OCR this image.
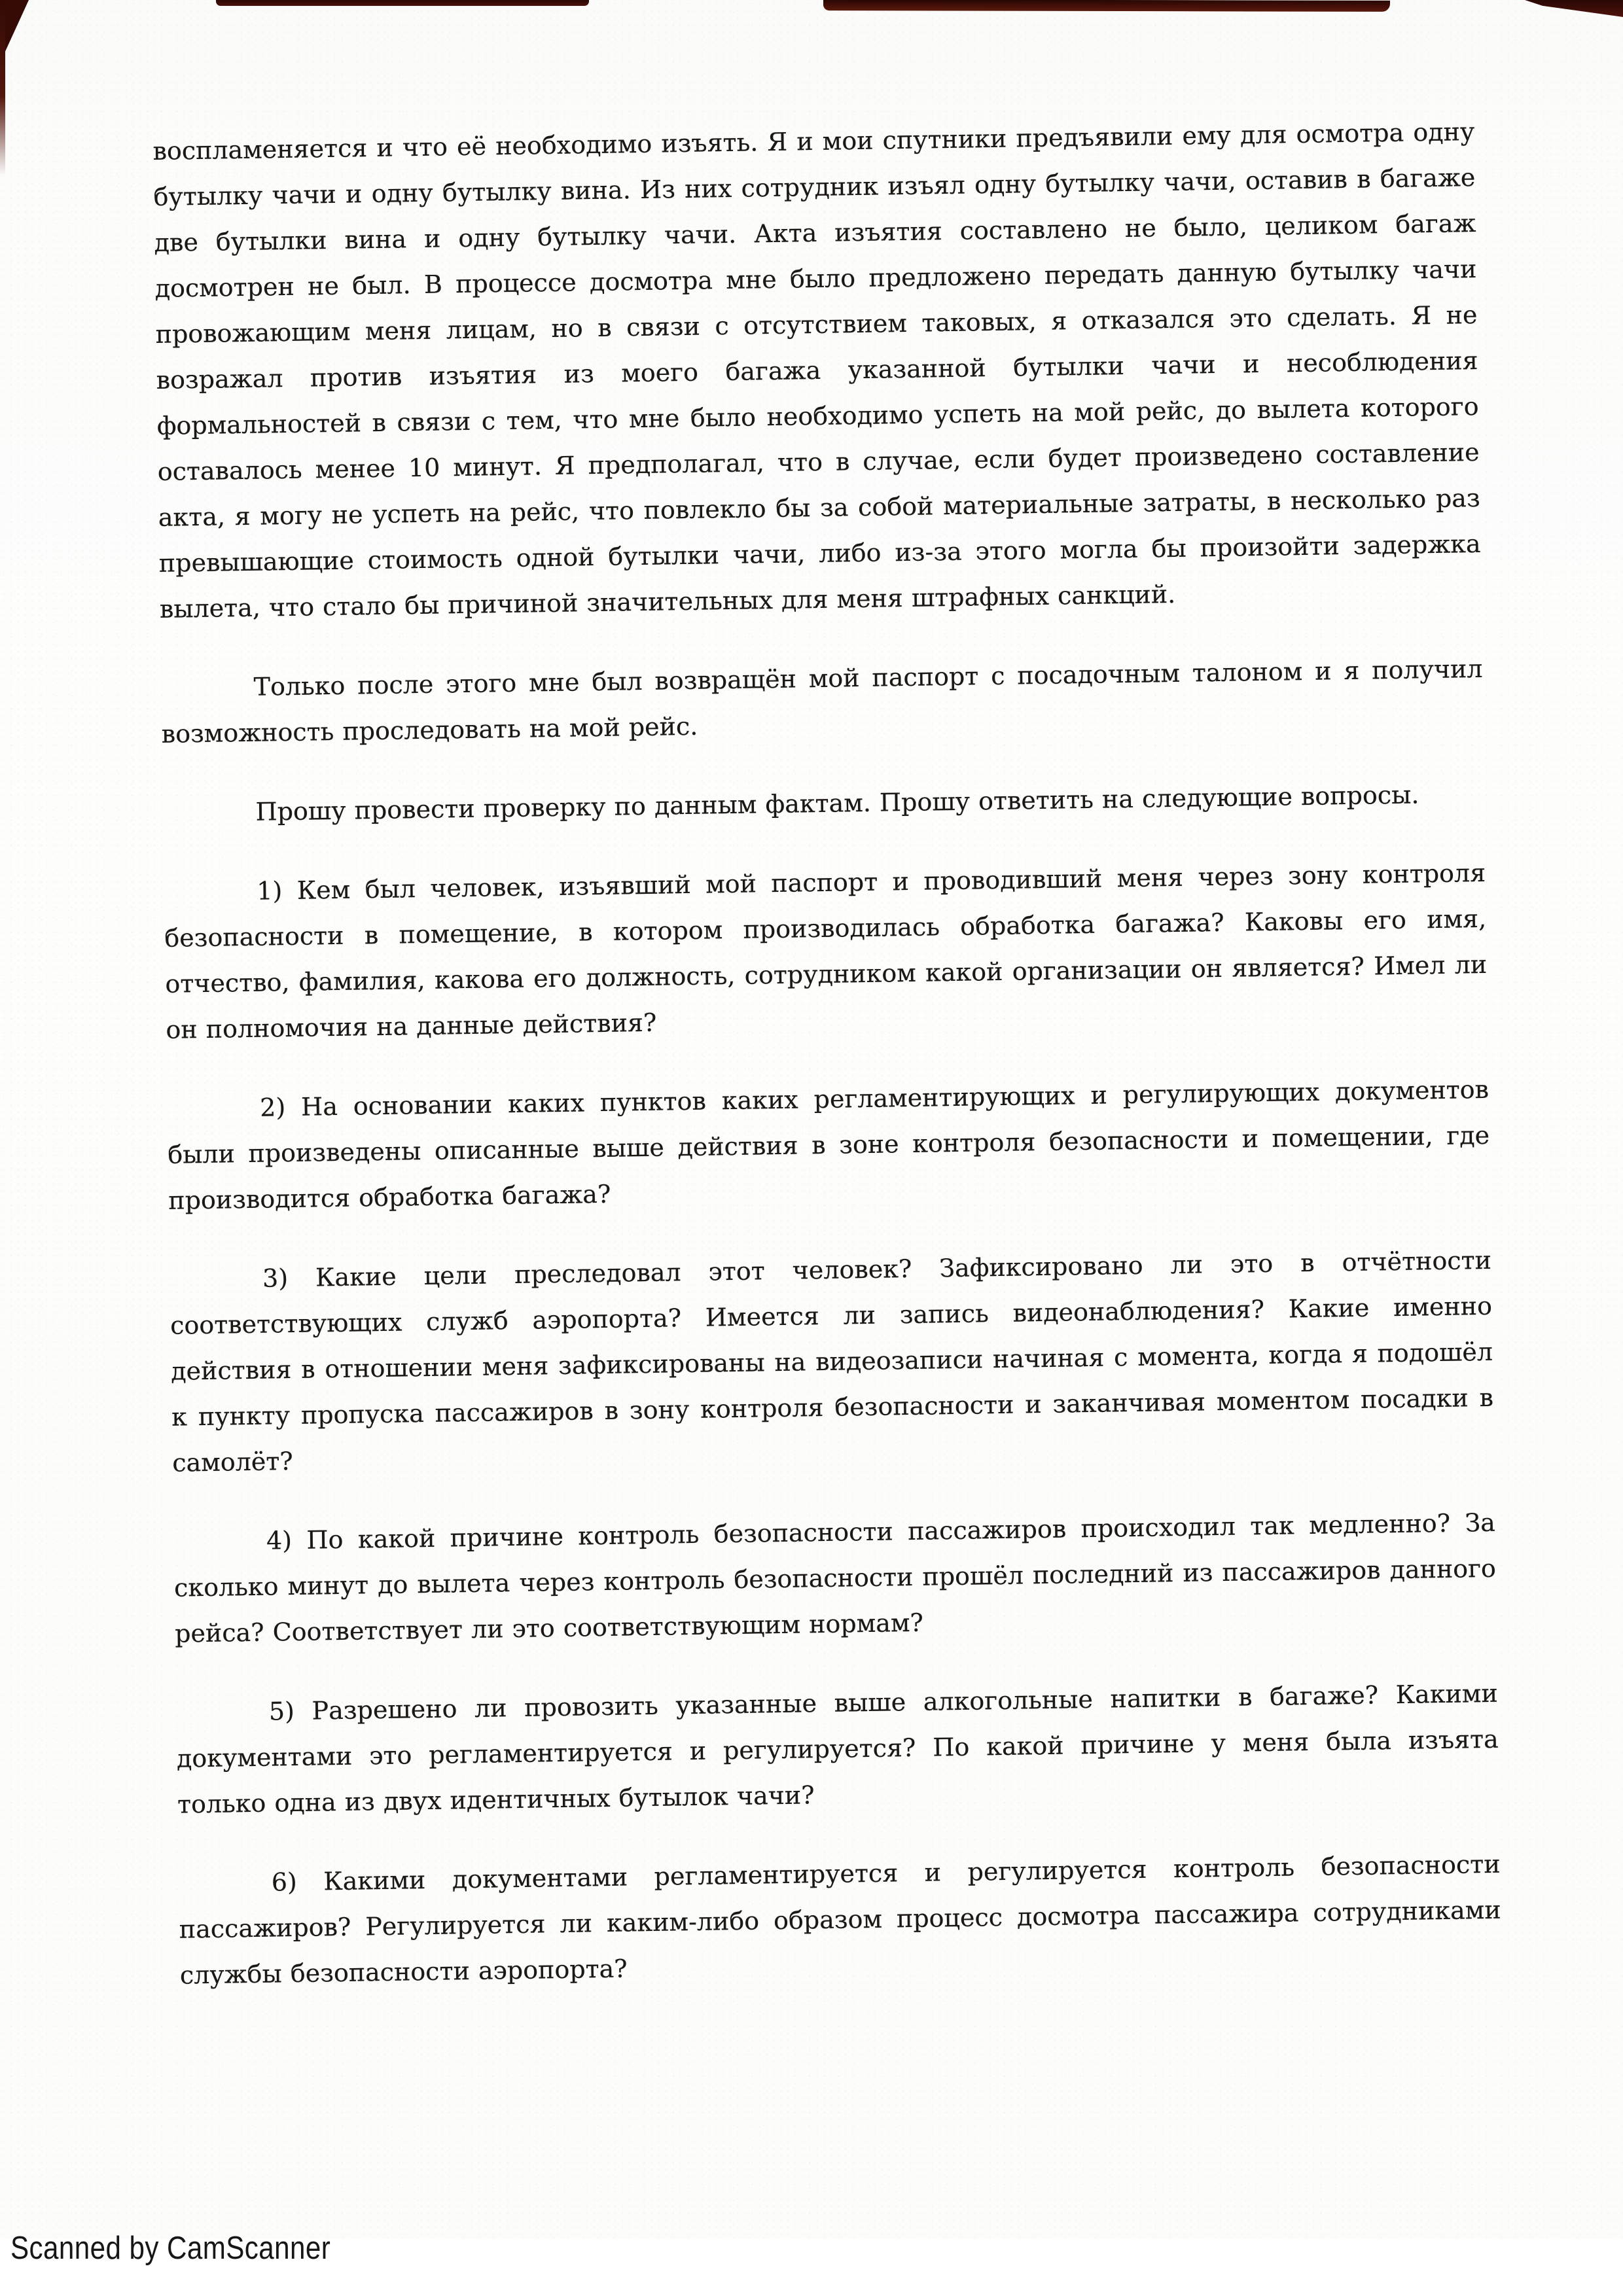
воспламеняется и что её необходимо изъять. Я и мои спутники предъявили ему для осмотра одну бутылку чачи и одну бутылку вина. Из них сотрудник изъял одну бутылку чачи, оставив в багаже две бутылки вина и одну бутылку чачи. Акта изъятия составлено не было, целиком багаж досмотрен не был. В процессе досмотра мне было предложено передать данную бутылку чачи провожающим меня лицам, но в связи с отсутствием таковых, я отказался это сделать. Я не возражал против изъятия из моего багажа указанной бутылки чачи и несоблюдения формальностей в связи с тем, что мне было необходимо успеть на мой рейс, до вылета которого оставалось менее 10 минут. Я предполагал, что в случае, если будет произведено составление акта, я могу не успеть на рейс, что повлекло бы за собой материальные затраты, в несколько раз превышающие стоимость одной бутылки чачи, либо из-за этого могла бы произойти задержка вылета, что стало бы причиной значительных для меня штрафных санкций.

Только после этого мне был возвращён мой паспорт с посадочным талоном и я получил возможность проследовать на мой рейс.

Прошу провести проверку по данным фактам. Прошу ответить на следующие вопросы.

1) Кем был человек, изъявший мой паспорт и проводивший меня через зону контроля безопасности в помещение, в котором производилась обработка багажа? Каковы его имя, отчество, фамилия, какова его должность, сотрудником какой организации он является? Имел ли он полномочия на данные действия?

2) На основании каких пунктов каких регламентирующих и регулирующих документов были произведены описанные выше действия в зоне контроля безопасности и помещении, где производится обработка багажа?

3) Какие цели преследовал этот человек? Зафиксировано ли это в отчётности соответствующих служб аэропорта? Имеется ли запись видеонаблюдения? Какие именно действия в отношении меня зафиксированы на видеозаписи начиная с момента, когда я подошёл к пункту пропуска пассажиров в зону контроля безопасности и заканчивая моментом посадки в самолёт?

4) По какой причине контроль безопасности пассажиров происходил так медленно? За сколько минут до вылета через контроль безопасности прошёл последний из пассажиров данного рейса? Соответствует ли это соответствующим нормам?

5) Разрешено ли провозить указанные выше алкогольные напитки в багаже? Какими документами это регламентируется и регулируется? По какой причине у меня была изъята только одна из двух идентичных бутылок чачи?

6) Какими документами регламентируется и регулируется контроль безопасности пассажиров? Регулируется ли каким-либо образом процесс досмотра пассажира сотрудниками службы безопасности аэропорта?

Scanned by CamScanner
